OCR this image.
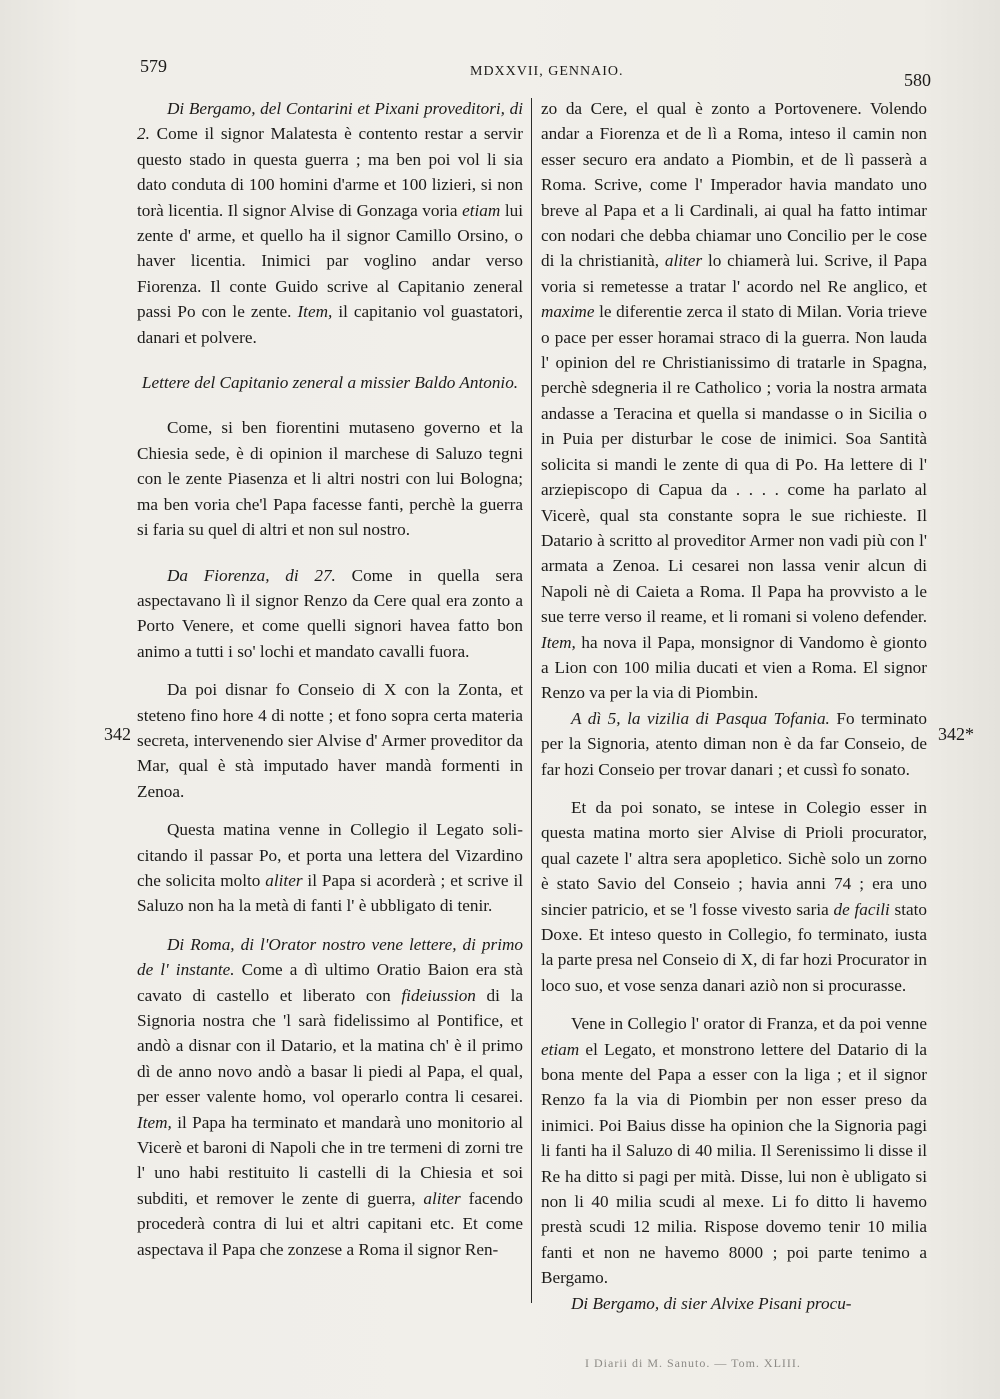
579	MDXXVII, GENNAIO.	580

Di Bergamo, del Contarini et Pixani proveditori, di 2. Come il signor Malatesta è contento restar a servir questo stado in questa guerra ; ma ben poi vol li sia dato conduta di 100 homini d'arme et 100 lizieri, si non torà licentia. Il signor Alvise di Gonzaga voria etiam lui zente d' arme, et quello ha il signor Camillo Orsino, o haver licentia. Inimici par voglino andar verso Fiorenza. Il conte Guido scrive al Capitanio zeneral passi Po con le zente. Item, il capitanio vol guastatori, danari et polvere.

Lettere del Capitanio zeneral a missier Baldo Antonio.

Come, si ben fiorentini mutaseno governo et la Chiesia sede, è di opinion il marchese di Saluzo tegni con le zente Piasenza et li altri nostri con lui Bologna; ma ben voria che'l Papa facesse fanti, perchè la guerra si faria su quel di altri et non sul nostro.

Da Fiorenza, di 27. Come in quella sera aspectavano lì il signor Renzo da Cere qual era zonto a Porto Venere, et come quelli signori havea fatto bon animo a tutti i so' lochi et mandato cavalli fuora.

Da poi disnar fo Conseio di X con la Zonta, et steteno fino hore 4 di notte ; et fono sopra certa materia secreta, intervenendo sier Alvise d' Armer proveditor da Mar, qual è stà imputado haver mandà formenti in Zenoa.

Questa matina venne in Collegio il Legato solicitando il passar Po, et porta una lettera del Vizardino che solicita molto aliter il Papa si acorderà ; et scrive il Saluzo non ha la metà di fanti l' è ubbligato di tenir.

Di Roma, di l'Orator nostro vene lettere, di primo de l' instante. Come a dì ultimo Oratio Baion era stà cavato di castello et liberato con fideiussion di la Signoria nostra che 'l sarà fidelissimo al Pontifice, et andò a disnar con il Datario, et la matina ch' è il primo dì de anno novo andò a basar li piedi al Papa, el qual, per esser valente homo, vol operarlo contra li cesarei. Item, il Papa ha terminato et mandarà uno monitorio al Vicerè et baroni di Napoli che in tre termeni di zorni tre l' uno habi restituito li castelli di la Chiesia et soi subditi, et remover le zente di guerra, aliter facendo procederà contra di lui et altri capitani etc. Et come aspectava il Papa che zonzese a Roma il signor Ren-

zo da Cere, el qual è zonto a Portovenere. Volendo andar a Fiorenza et de lì a Roma, inteso il camin non esser securo era andato a Piombin, et de lì passerà a Roma. Scrive, come l' Imperador havia mandato uno breve al Papa et a li Cardinali, ai qual ha fatto intimar con nodari che debba chiamar uno Concilio per le cose di la christianità, aliter lo chiamerà lui. Scrive, il Papa voria si remetesse a tratar l' acordo nel Re anglico, et maxime le diferentie zerca il stato di Milan. Voria trieve o pace per esser horamai straco di la guerra. Non lauda l' opinion del re Christianissimo di tratarle in Spagna, perchè sdegneria il re Catholico ; voria la nostra armata andasse a Teracina et quella si mandasse o in Sicilia o in Puia per disturbar le cose de inimici. Soa Santità solicita si mandi le zente di qua di Po. Ha lettere di l' arziepiscopo di Capua da . . . . come ha parlato al Vicerè, qual sta constante sopra le sue richieste. Il Datario à scritto al proveditor Armer non vadi più con l' armata a Zenoa. Li cesarei non lassa venir alcun di Napoli nè di Caieta a Roma. Il Papa ha provvisto a le sue terre verso il reame, et li romani si voleno defender. Item, ha nova il Papa, monsignor di Vandomo è gionto a Lion con 100 milia ducati et vien a Roma. El signor Renzo va per la via di Piombin.

A dì 5, la vizilia di Pasqua Tofania. Fo terminato per la Signoria, atento diman non è da far Conseio, de far hozi Conseio per trovar danari ; et cussì fo sonato.

Et da poi sonato, se intese in Colegio esser in questa matina morto sier Alvise di Prioli procurator, qual cazete l' altra sera apopletico. Sichè solo un zorno è stato Savio del Conseio ; havia anni 74 ; era uno sincier patricio, et se 'l fosse vivesto saria de facili stato Doxe. Et inteso questo in Collegio, fo terminato, iusta la parte presa nel Conseio di X, di far hozi Procurator in loco suo, et vose senza danari aziò non si procurasse.

Vene in Collegio l' orator di Franza, et da poi venne etiam el Legato, et monstrono lettere del Datario di la bona mente del Papa a esser con la liga ; et il signor Renzo fa la via di Piombin per non esser preso da inimici. Poi Baius disse ha opinion che la Signoria pagi li fanti ha il Saluzo di 40 milia. Il Serenissimo li disse il Re ha ditto si pagi per mità. Disse, lui non è ubligato si non li 40 milia scudi al mexe. Li fo ditto li havemo prestà scudi 12 milia. Rispose dovemo tenir 10 milia fanti et non ne havemo 8000 ; poi parte tenimo a Bergamo.

Di Bergamo, di sier Alvixe Pisani procu-

342	342*
I Diarii di M. Sanuto. — Tom. XLIII.
